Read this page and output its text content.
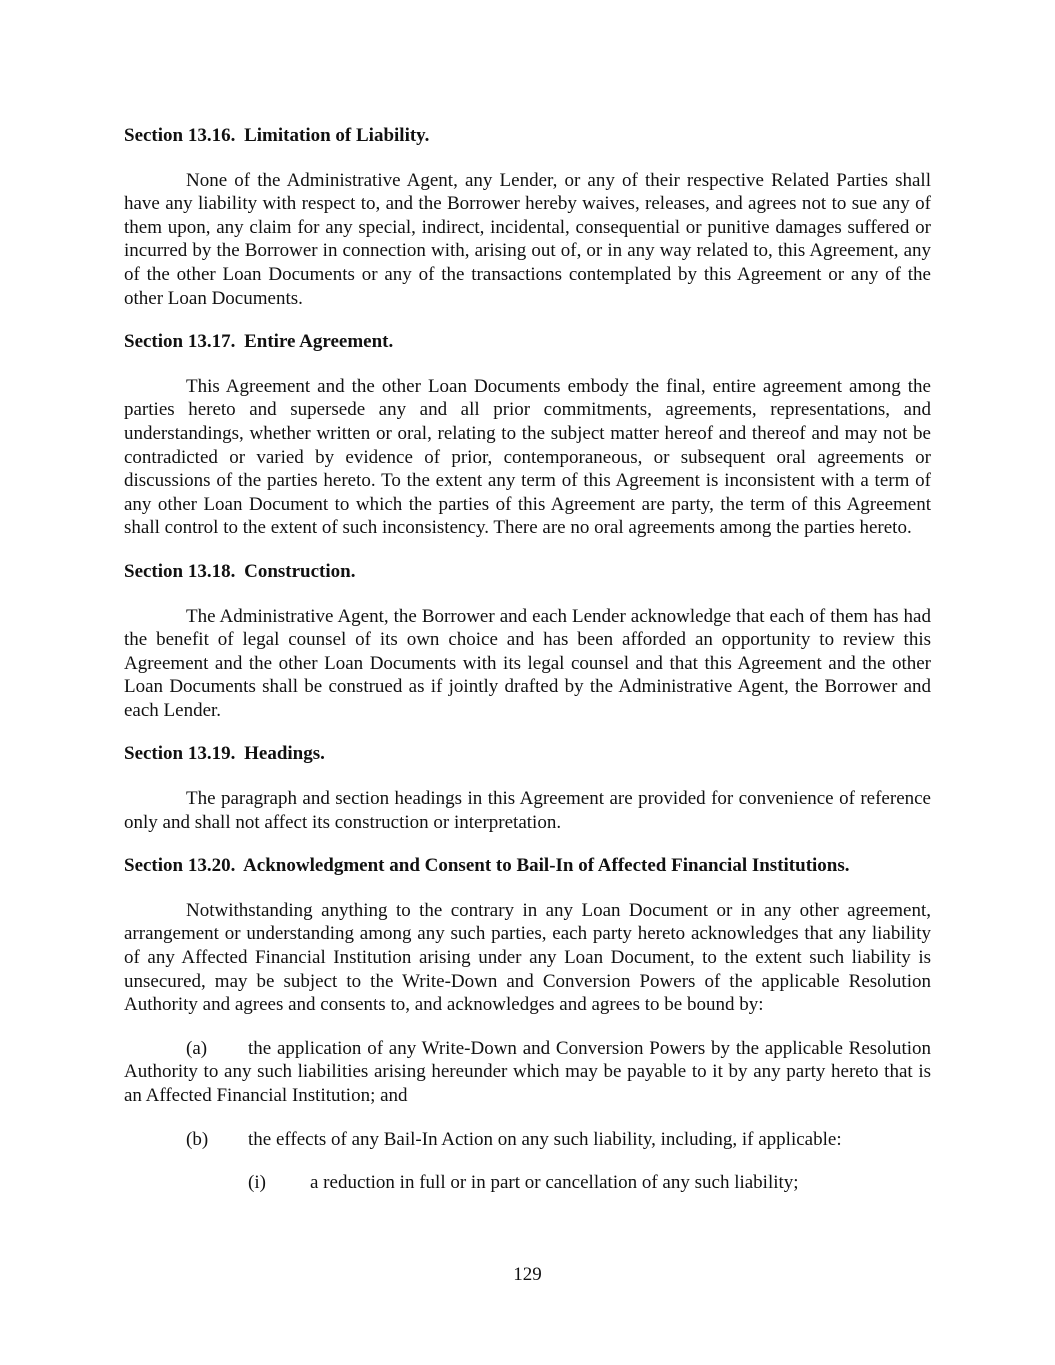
Section 13.16. Limitation of Liability.

None of the Administrative Agent, any Lender, or any of their respective Related Parties shall have any liability with respect to, and the Borrower hereby waives, releases, and agrees not to sue any of them upon, any claim for any special, indirect, incidental, consequential or punitive damages suffered or incurred by the Borrower in connection with, arising out of, or in any way related to, this Agreement, any of the other Loan Documents or any of the transactions contemplated by this Agreement or any of the other Loan Documents.

Section 13.17. Entire Agreement.

This Agreement and the other Loan Documents embody the final, entire agreement among the parties hereto and supersede any and all prior commitments, agreements, representations, and understandings, whether written or oral, relating to the subject matter hereof and thereof and may not be contradicted or varied by evidence of prior, contemporaneous, or subsequent oral agreements or discussions of the parties hereto. To the extent any term of this Agreement is inconsistent with a term of any other Loan Document to which the parties of this Agreement are party, the term of this Agreement shall control to the extent of such inconsistency. There are no oral agreements among the parties hereto.

Section 13.18. Construction.

The Administrative Agent, the Borrower and each Lender acknowledge that each of them has had the benefit of legal counsel of its own choice and has been afforded an opportunity to review this Agreement and the other Loan Documents with its legal counsel and that this Agreement and the other Loan Documents shall be construed as if jointly drafted by the Administrative Agent, the Borrower and each Lender.

Section 13.19. Headings.

The paragraph and section headings in this Agreement are provided for convenience of reference only and shall not affect its construction or interpretation.

Section 13.20. Acknowledgment and Consent to Bail-In of Affected Financial Institutions.

Notwithstanding anything to the contrary in any Loan Document or in any other agreement, arrangement or understanding among any such parties, each party hereto acknowledges that any liability of any Affected Financial Institution arising under any Loan Document, to the extent such liability is unsecured, may be subject to the Write-Down and Conversion Powers of the applicable Resolution Authority and agrees and consents to, and acknowledges and agrees to be bound by:

(a) the application of any Write-Down and Conversion Powers by the applicable Resolution Authority to any such liabilities arising hereunder which may be payable to it by any party hereto that is an Affected Financial Institution; and

(b) the effects of any Bail-In Action on any such liability, including, if applicable:

(i) a reduction in full or in part or cancellation of any such liability;

129
